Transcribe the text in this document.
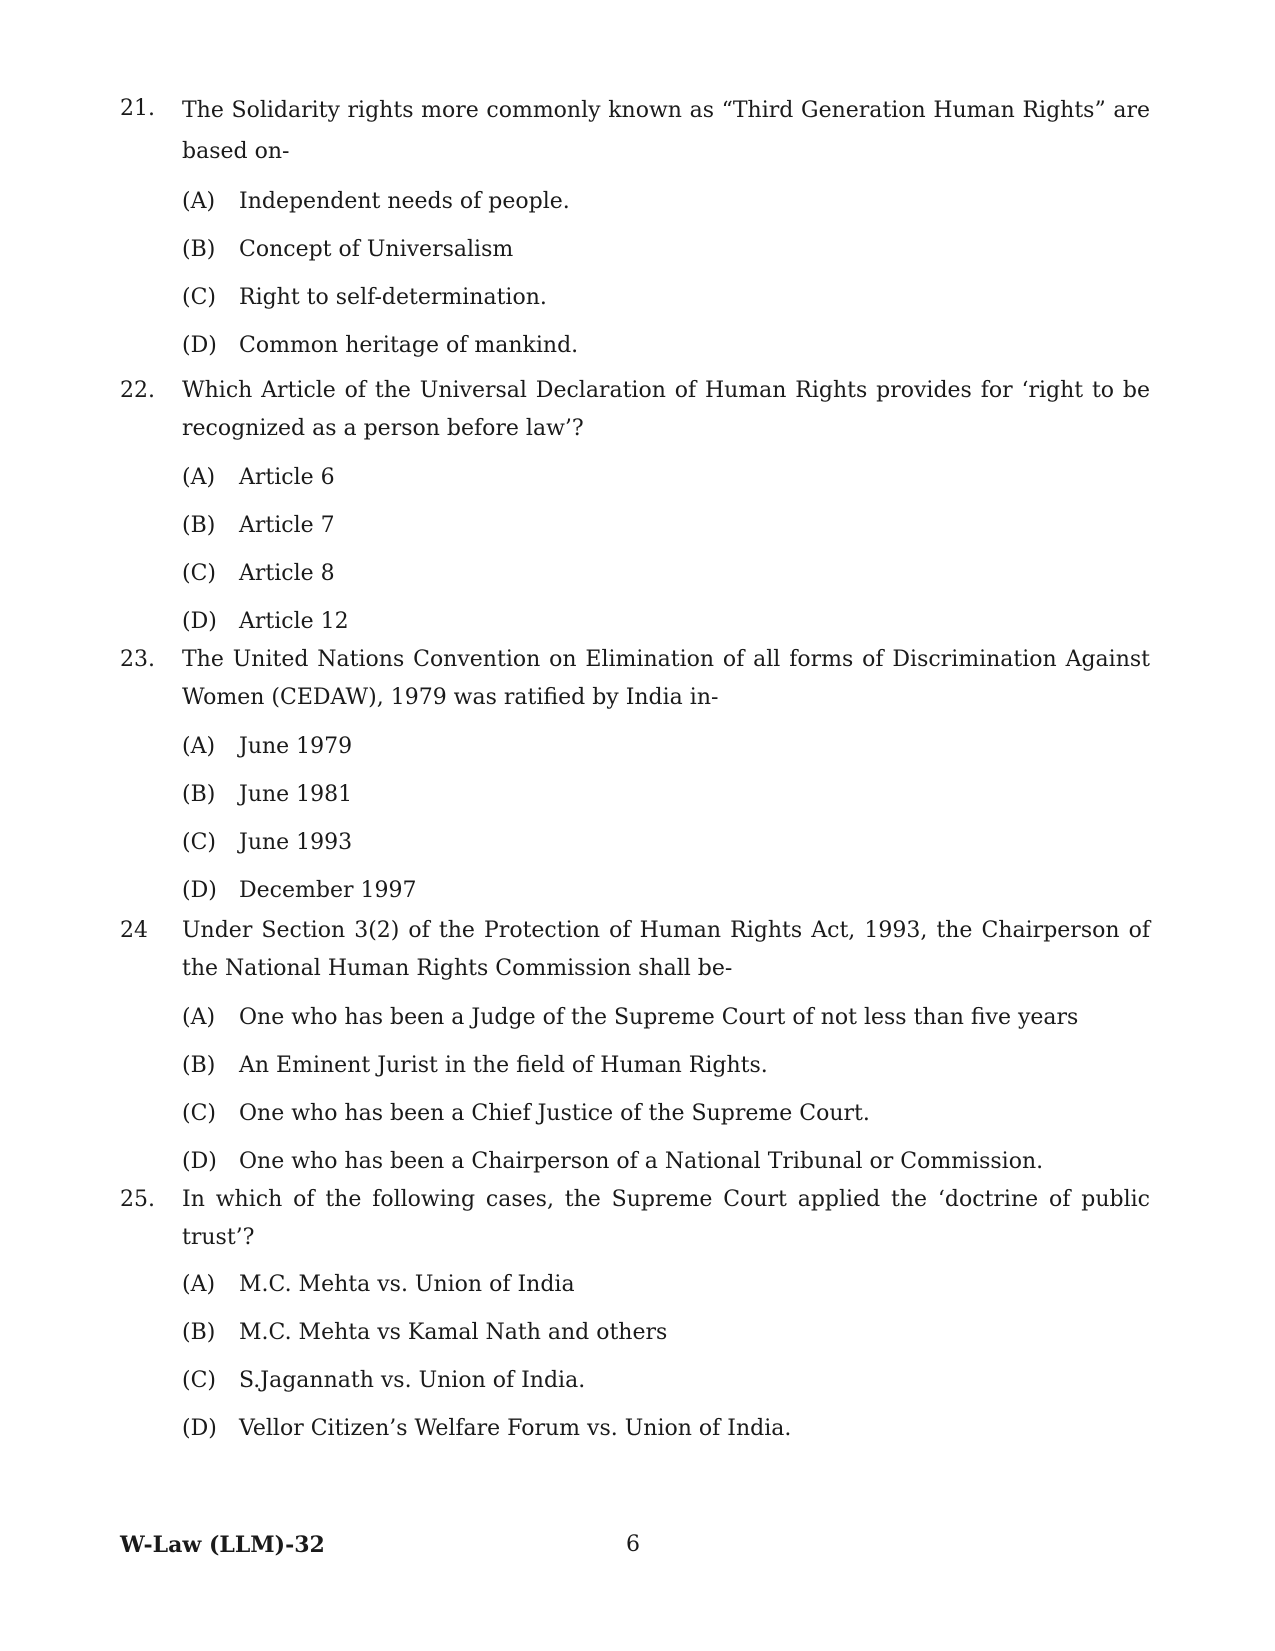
21.	The Solidarity rights more commonly known as “Third Generation Human Rights” are based on-
(A) Independent needs of people.
(B) Concept of Universalism
(C) Right to self-determination.
(D) Common heritage of mankind.
22.	Which Article of the Universal Declaration of Human Rights provides for ‘right to be recognized as a person before law’?
(A) Article 6
(B) Article 7
(C) Article 8
(D) Article 12
23.	The United Nations Convention on Elimination of all forms of Discrimination Against Women (CEDAW), 1979 was ratified by India in-
(A) June 1979
(B) June 1981
(C) June 1993
(D) December 1997
24	Under Section 3(2) of the Protection of Human Rights Act, 1993, the Chairperson of the National Human Rights Commission shall be-
(A) One who has been a Judge of the Supreme Court of not less than five years
(B) An Eminent Jurist in the field of Human Rights.
(C) One who has been a Chief Justice of the Supreme Court.
(D) One who has been a Chairperson of a National Tribunal or Commission.
25.	In which of the following cases, the Supreme Court applied the ‘doctrine of public trust’?
(A) M.C. Mehta vs. Union of India
(B) M.C. Mehta vs Kamal Nath and others
(C) S.Jagannath vs. Union of India.
(D) Vellor Citizen’s Welfare Forum vs. Union of India.
W-Law (LLM)-32	6
